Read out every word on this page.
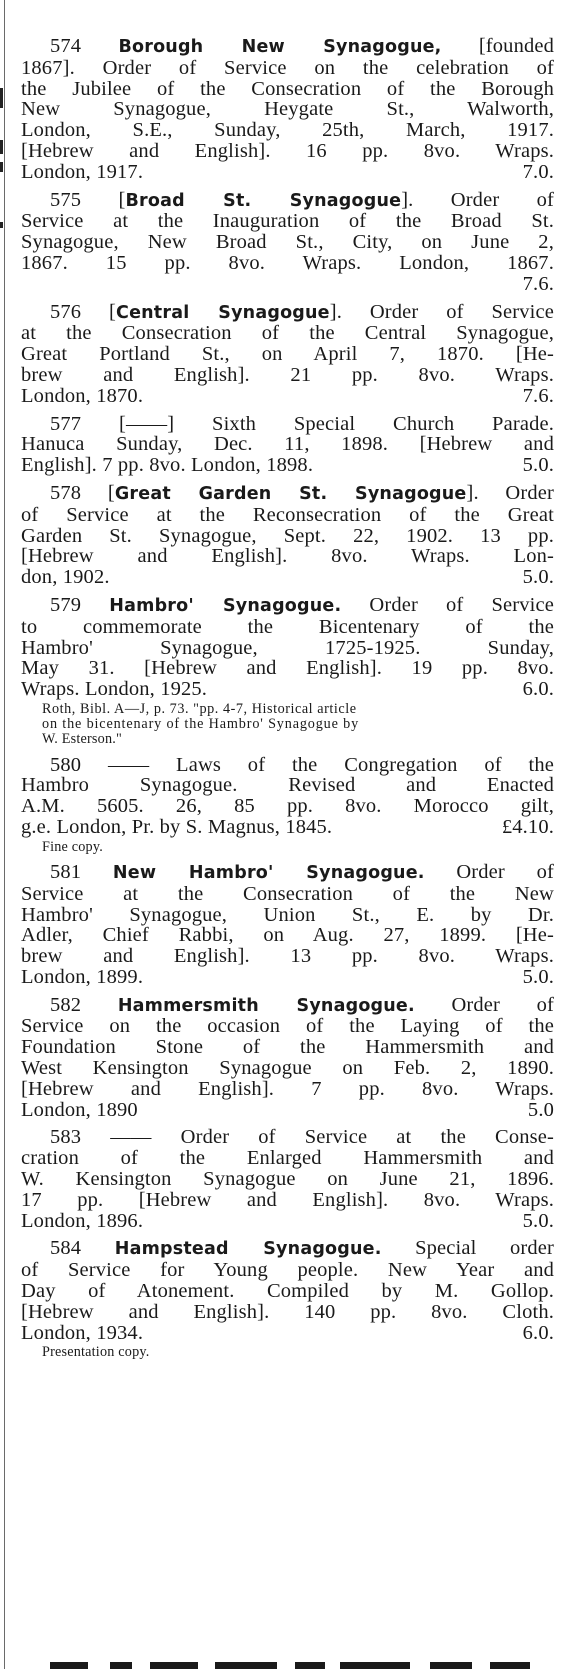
574 Borough New Synagogue, [founded
1867]. Order of Service on the celebration of
the Jubilee of the Consecration of the Borough
New Synagogue, Heygate St., Walworth,
London, S.E., Sunday, 25th, March, 1917.
[Hebrew and English]. 16 pp. 8vo. Wraps.
London, 1917.	7.0.
575 [Broad St. Synagogue]. Order of
Service at the Inauguration of the Broad St.
Synagogue, New Broad St., City, on June 2,
1867. 15 pp. 8vo. Wraps. London, 1867.
7.6.
576 [Central Synagogue]. Order of Service
at the Consecration of the Central Synagogue,
Great Portland St., on April 7, 1870. [He-
brew and English]. 21 pp. 8vo. Wraps.
London, 1870.	7.6.
577 [——] Sixth Special Church Parade.
Hanuca Sunday, Dec. 11, 1898. [Hebrew and
English]. 7 pp. 8vo. London, 1898.	5.0.
578 [Great Garden St. Synagogue]. Order
of Service at the Reconsecration of the Great
Garden St. Synagogue, Sept. 22, 1902. 13 pp.
[Hebrew and English]. 8vo. Wraps. Lon-
don, 1902.	5.0.
579 Hambro' Synagogue. Order of Service
to commemorate the Bicentenary of the
Hambro' Synagogue, 1725-1925. Sunday,
May 31. [Hebrew and English]. 19 pp. 8vo.
Wraps. London, 1925.	6.0.
Roth, Bibl. A—J, p. 73. "pp. 4-7, Historical article
on the bicentenary of the Hambro' Synagogue by
W. Esterson."
580 —— Laws of the Congregation of the
Hambro Synagogue. Revised and Enacted
A.M. 5605. 26, 85 pp. 8vo. Morocco gilt,
g.e. London, Pr. by S. Magnus, 1845.	£4.10.
Fine copy.
581 New Hambro' Synagogue. Order of
Service at the Consecration of the New
Hambro' Synagogue, Union St., E. by Dr.
Adler, Chief Rabbi, on Aug. 27, 1899. [He-
brew and English]. 13 pp. 8vo. Wraps.
London, 1899.	5.0.
582 Hammersmith Synagogue. Order of
Service on the occasion of the Laying of the
Foundation Stone of the Hammersmith and
West Kensington Synagogue on Feb. 2, 1890.
[Hebrew and English]. 7 pp. 8vo. Wraps.
London, 1890	5.0
583 —— Order of Service at the Conse-
cration of the Enlarged Hammersmith and
W. Kensington Synagogue on June 21, 1896.
17 pp. [Hebrew and English]. 8vo. Wraps.
London, 1896.	5.0.
584 Hampstead Synagogue. Special order
of Service for Young people. New Year and
Day of Atonement. Compiled by M. Gollop.
[Hebrew and English]. 140 pp. 8vo. Cloth.
London, 1934.	6.0.
Presentation copy.
